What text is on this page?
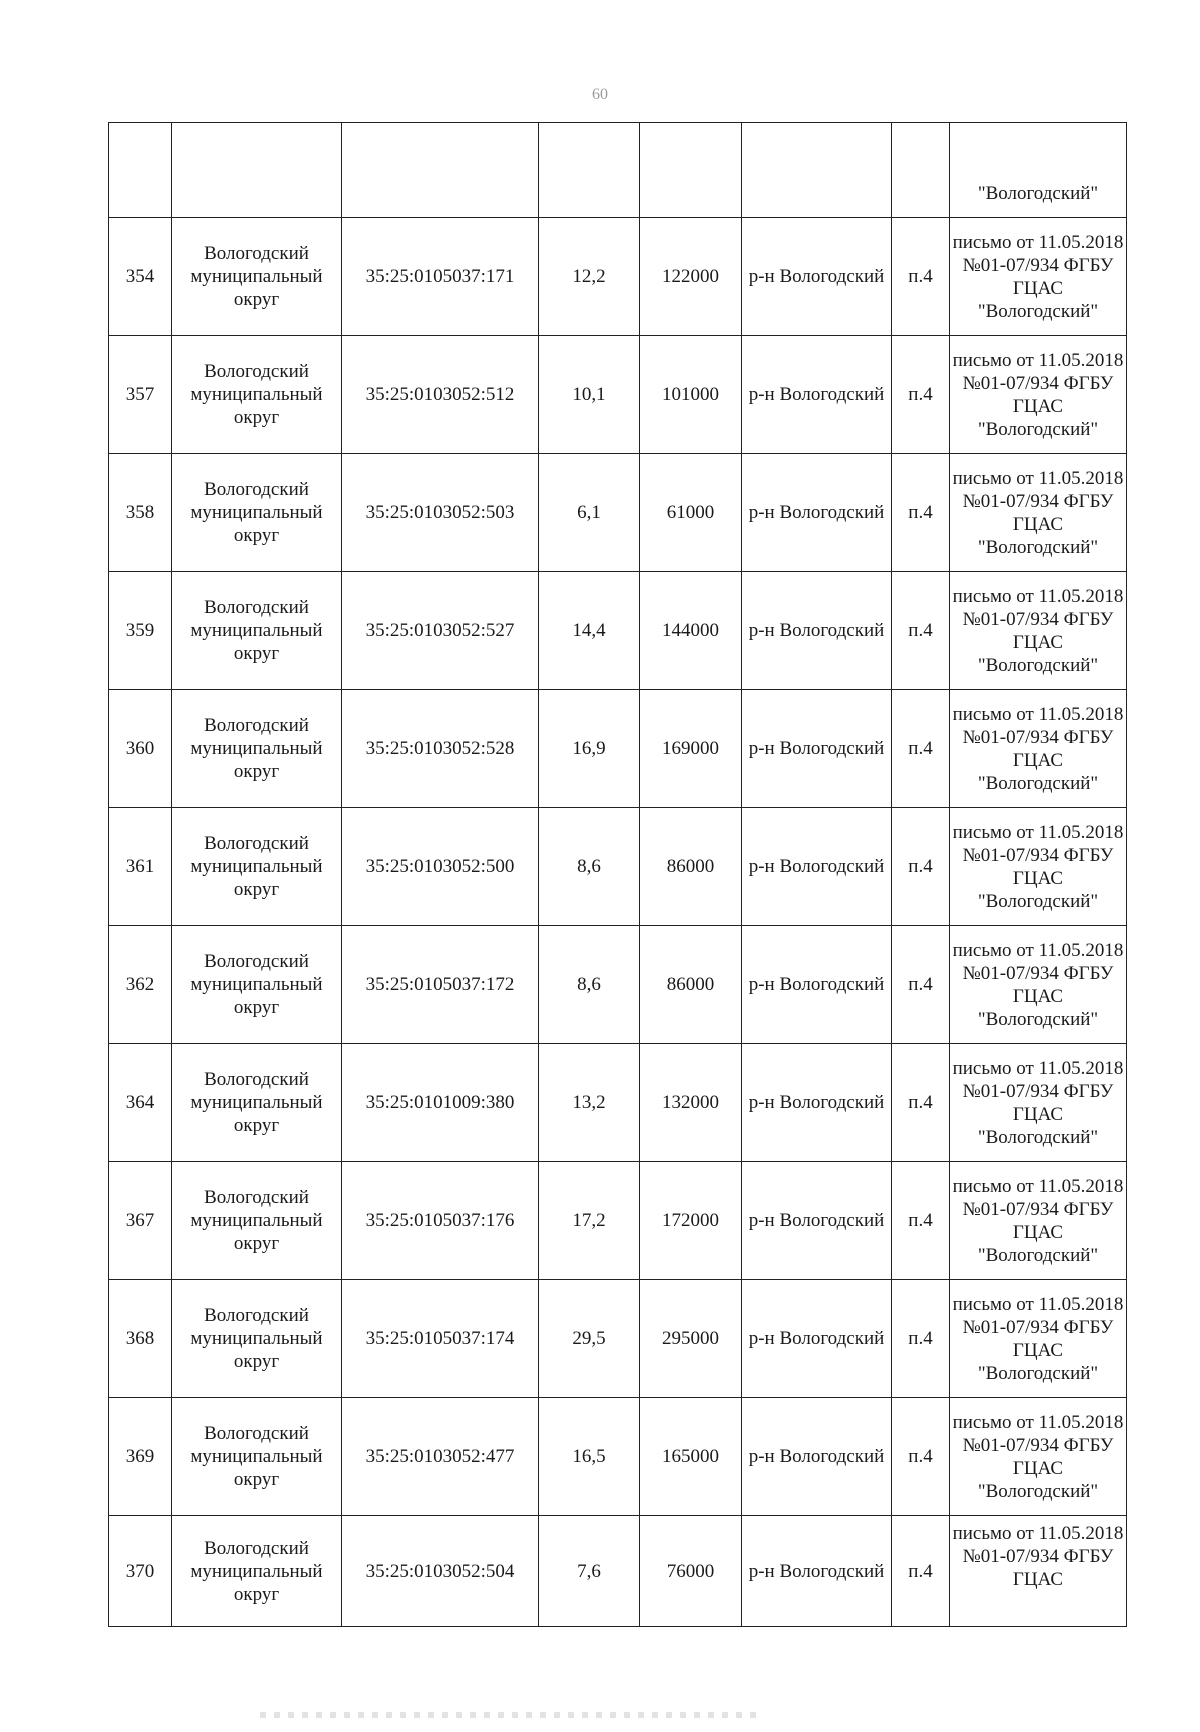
60
							"Вологодский"
354	Вологодский муниципальный округ	35:25:0105037:171	12,2	122000	р-н Вологодский	п.4	письмо от 11.05.2018 №01-07/934 ФГБУ ГЦАС "Вологодский"
357	Вологодский муниципальный округ	35:25:0103052:512	10,1	101000	р-н Вологодский	п.4	письмо от 11.05.2018 №01-07/934 ФГБУ ГЦАС "Вологодский"
358	Вологодский муниципальный округ	35:25:0103052:503	6,1	61000	р-н Вологодский	п.4	письмо от 11.05.2018 №01-07/934 ФГБУ ГЦАС "Вологодский"
359	Вологодский муниципальный округ	35:25:0103052:527	14,4	144000	р-н Вологодский	п.4	письмо от 11.05.2018 №01-07/934 ФГБУ ГЦАС "Вологодский"
360	Вологодский муниципальный округ	35:25:0103052:528	16,9	169000	р-н Вологодский	п.4	письмо от 11.05.2018 №01-07/934 ФГБУ ГЦАС "Вологодский"
361	Вологодский муниципальный округ	35:25:0103052:500	8,6	86000	р-н Вологодский	п.4	письмо от 11.05.2018 №01-07/934 ФГБУ ГЦАС "Вологодский"
362	Вологодский муниципальный округ	35:25:0105037:172	8,6	86000	р-н Вологодский	п.4	письмо от 11.05.2018 №01-07/934 ФГБУ ГЦАС "Вологодский"
364	Вологодский муниципальный округ	35:25:0101009:380	13,2	132000	р-н Вологодский	п.4	письмо от 11.05.2018 №01-07/934 ФГБУ ГЦАС "Вологодский"
367	Вологодский муниципальный округ	35:25:0105037:176	17,2	172000	р-н Вологодский	п.4	письмо от 11.05.2018 №01-07/934 ФГБУ ГЦАС "Вологодский"
368	Вологодский муниципальный округ	35:25:0105037:174	29,5	295000	р-н Вологодский	п.4	письмо от 11.05.2018 №01-07/934 ФГБУ ГЦАС "Вологодский"
369	Вологодский муниципальный округ	35:25:0103052:477	16,5	165000	р-н Вологодский	п.4	письмо от 11.05.2018 №01-07/934 ФГБУ ГЦАС "Вологодский"
370	Вологодский муниципальный округ	35:25:0103052:504	7,6	76000	р-н Вологодский	п.4	письмо от 11.05.2018 №01-07/934 ФГБУ ГЦАС
